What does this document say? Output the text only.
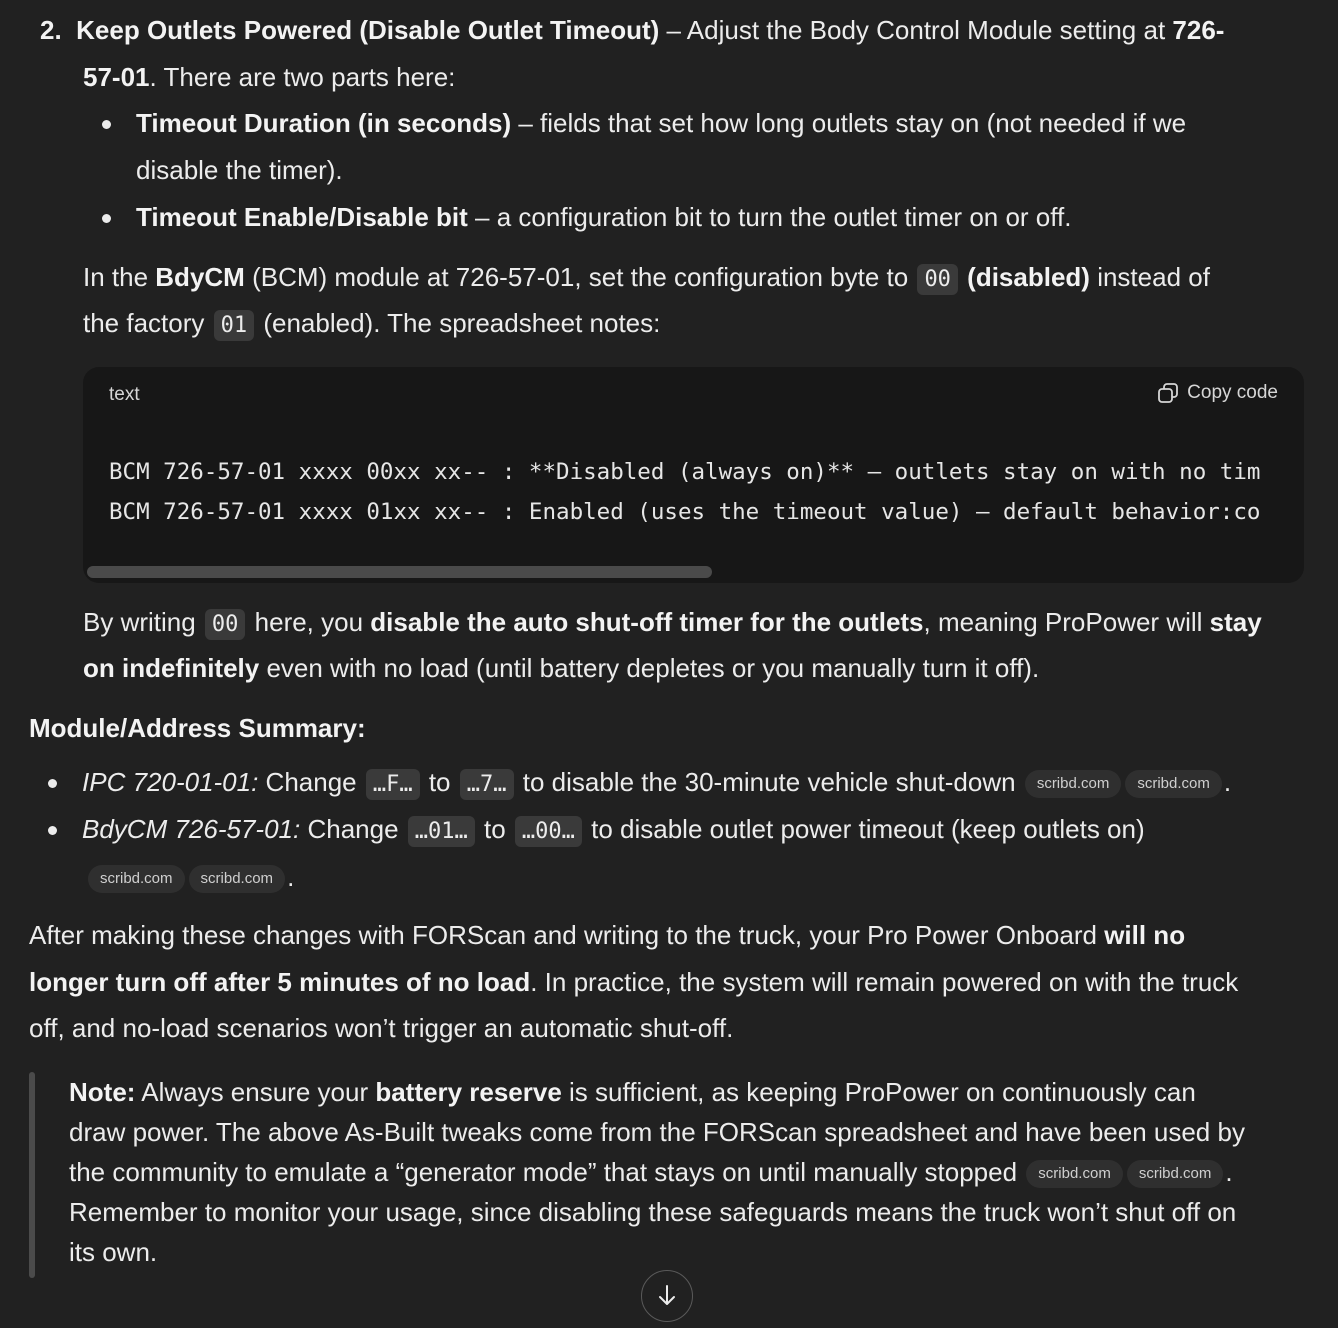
2. Keep Outlets Powered (Disable Outlet Timeout) – Adjust the Body Control Module setting at 726-
57-01. There are two parts here:
Timeout Duration (in seconds) – fields that set how long outlets stay on (not needed if we
disable the timer).
Timeout Enable/Disable bit – a configuration bit to turn the outlet timer on or off.
In the BdyCM (BCM) module at 726-57-01, set the configuration byte to 00 (disabled) instead of
the factory 01 (enabled). The spreadsheet notes:
text	Copy code
BCM 726-57-01 xxxx 00xx xx-- : **Disabled (always on)** — outlets stay on with no tim
BCM 726-57-01 xxxx 01xx xx-- : Enabled (uses the timeout value) — default behavior:co
By writing 00 here, you disable the auto shut-off timer for the outlets, meaning ProPower will stay
on indefinitely even with no load (until battery depletes or you manually turn it off).
Module/Address Summary:
IPC 720-01-01: Change …F… to …7… to disable the 30-minute vehicle shut-down scribd.com scribd.com .
BdyCM 726-57-01: Change …01… to …00… to disable outlet power timeout (keep outlets on)
scribd.com scribd.com .
After making these changes with FORScan and writing to the truck, your Pro Power Onboard will no
longer turn off after 5 minutes of no load. In practice, the system will remain powered on with the truck
off, and no-load scenarios won’t trigger an automatic shut-off.
Note: Always ensure your battery reserve is sufficient, as keeping ProPower on continuously can
draw power. The above As-Built tweaks come from the FORScan spreadsheet and have been used by
the community to emulate a “generator mode” that stays on until manually stopped scribd.com scribd.com .
Remember to monitor your usage, since disabling these safeguards means the truck won’t shut off on
its own.
